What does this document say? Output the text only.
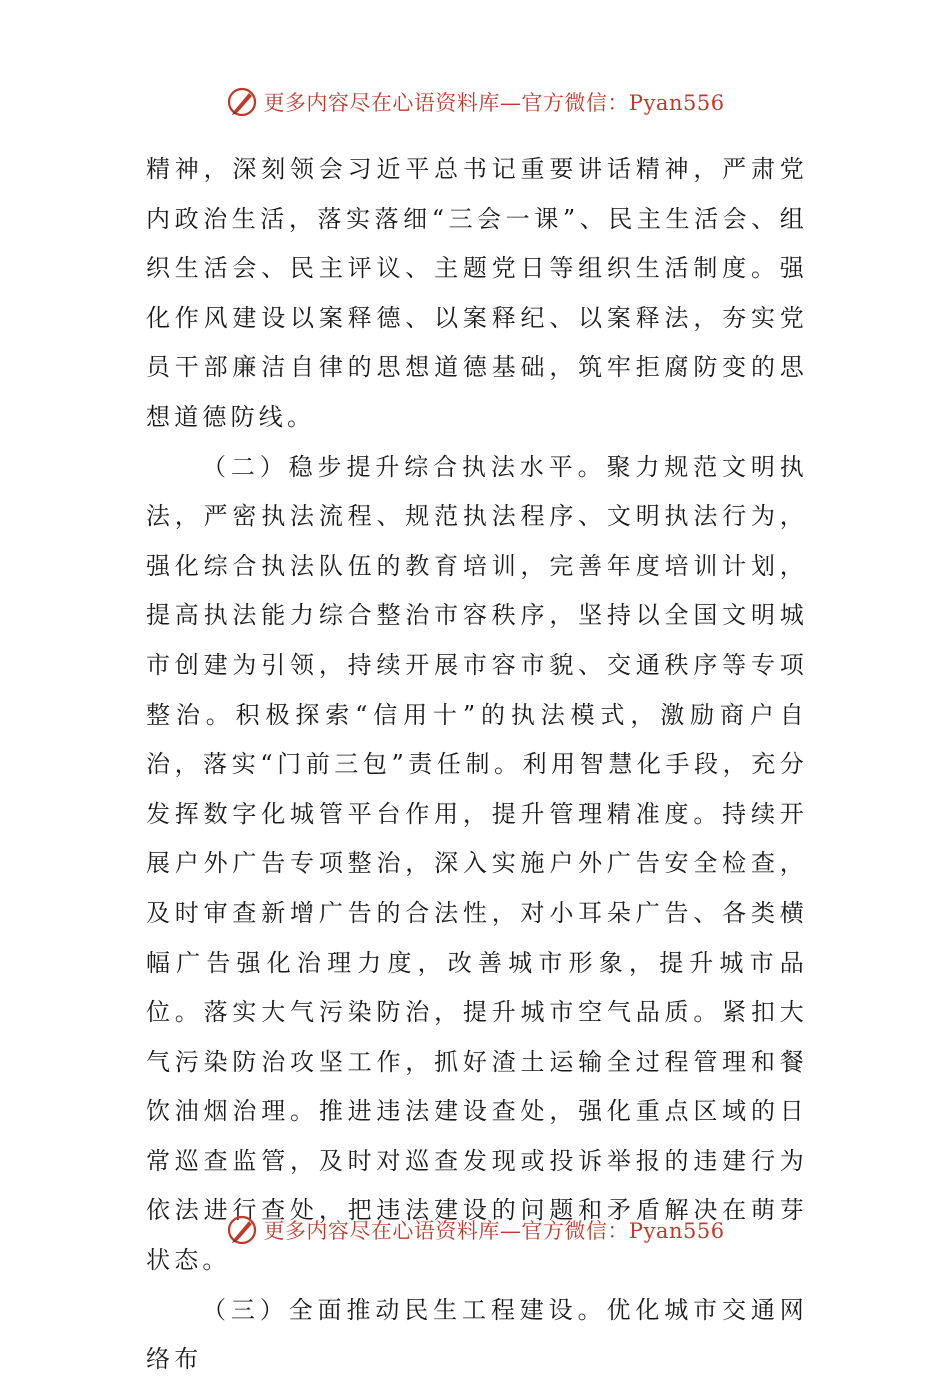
更多内容尽在心语资料库—官方微信：Pyan556

精神，深刻领会习近平总书记重要讲话精神，严肃党内政治生活，落实落细“三会一课”、民主生活会、组织生活会、民主评议、主题党日等组织生活制度。强化作风建设以案释德、以案释纪、以案释法，夯实党员干部廉洁自律的思想道德基础，筑牢拒腐防变的思想道德防线。

（二）稳步提升综合执法水平。聚力规范文明执法，严密执法流程、规范执法程序、文明执法行为，强化综合执法队伍的教育培训，完善年度培训计划，提高执法能力综合整治市容秩序，坚持以全国文明城市创建为引领，持续开展市容市貌、交通秩序等专项整治。积极探索“信用十”的执法模式，激励商户自治，落实“门前三包”责任制。利用智慧化手段，充分发挥数字化城管平台作用，提升管理精准度。持续开展户外广告专项整治，深入实施户外广告安全检查，及时审查新增广告的合法性，对小耳朵广告、各类横幅广告强化治理力度，改善城市形象，提升城市品位。落实大气污染防治，提升城市空气品质。紧扣大气污染防治攻坚工作，抓好渣土运输全过程管理和餐饮油烟治理。推进违法建设查处，强化重点区域的日常巡查监管，及时对巡查发现或投诉举报的违建行为依法进行查处，把违法建设的问题和矛盾解决在萌芽状态。

（三）全面推动民生工程建设。优化城市交通网络布

更多内容尽在心语资料库—官方微信：Pyan556
